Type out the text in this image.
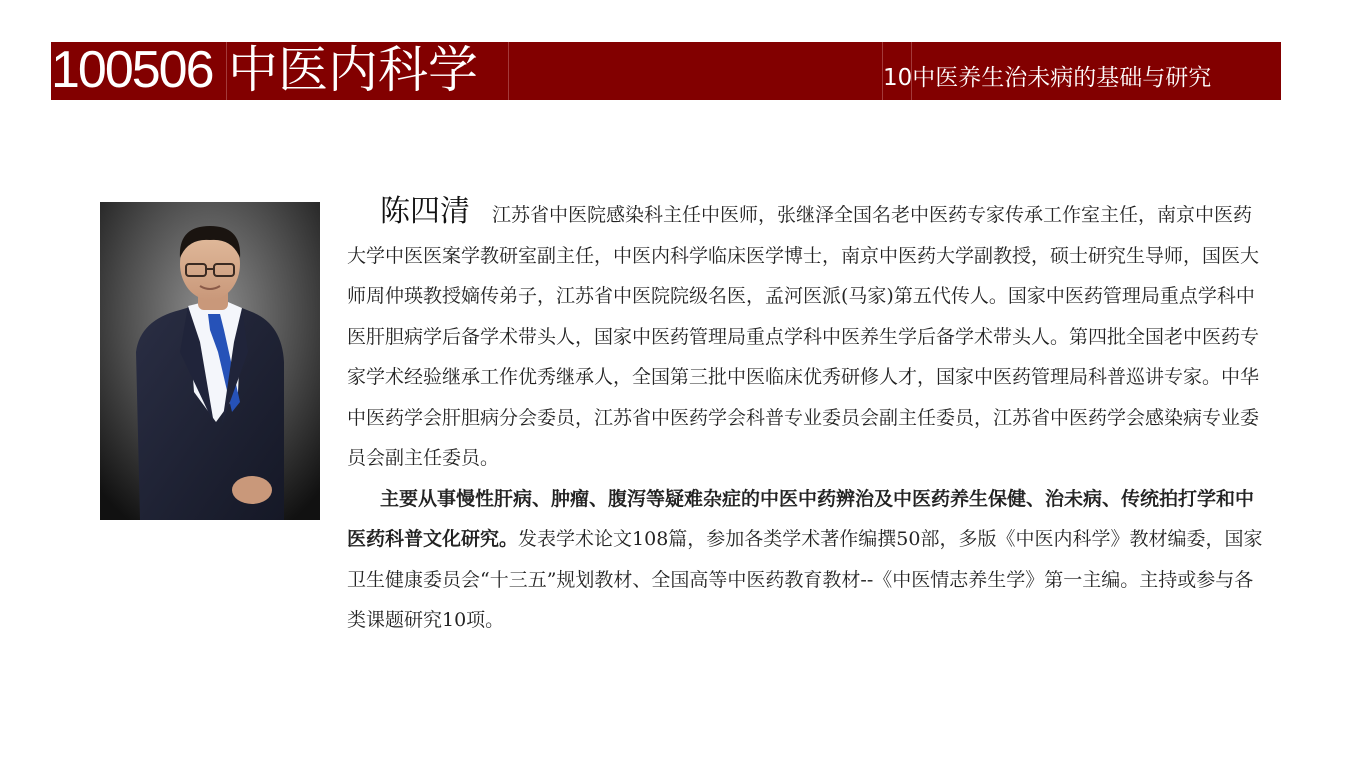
100506 中医内科学	10中医养生治未病的基础与研究

陈四清 江苏省中医院感染科主任中医师，张继泽全国名老中医药专家传承工作室主任，南京中医药大学中医医案学教研室副主任，中医内科学临床医学博士，南京中医药大学副教授，硕士研究生导师，国医大师周仲瑛教授嫡传弟子，江苏省中医院院级名医，孟河医派(马家)第五代传人。国家中医药管理局重点学科中医肝胆病学后备学术带头人，国家中医药管理局重点学科中医养生学后备学术带头人。第四批全国老中医药专家学术经验继承工作优秀继承人，全国第三批中医临床优秀研修人才，国家中医药管理局科普巡讲专家。中华中医药学会肝胆病分会委员，江苏省中医药学会科普专业委员会副主任委员，江苏省中医药学会感染病专业委员会副主任委员。

主要从事慢性肝病、肿瘤、腹泻等疑难杂症的中医中药辨治及中医药养生保健、治未病、传统拍打学和中医药科普文化研究。发表学术论文108篇，参加各类学术著作编撰50部，多版《中医内科学》教材编委，国家卫生健康委员会“十三五”规划教材、全国高等中医药教育教材--《中医情志养生学》第一主编。主持或参与各类课题研究10项。
